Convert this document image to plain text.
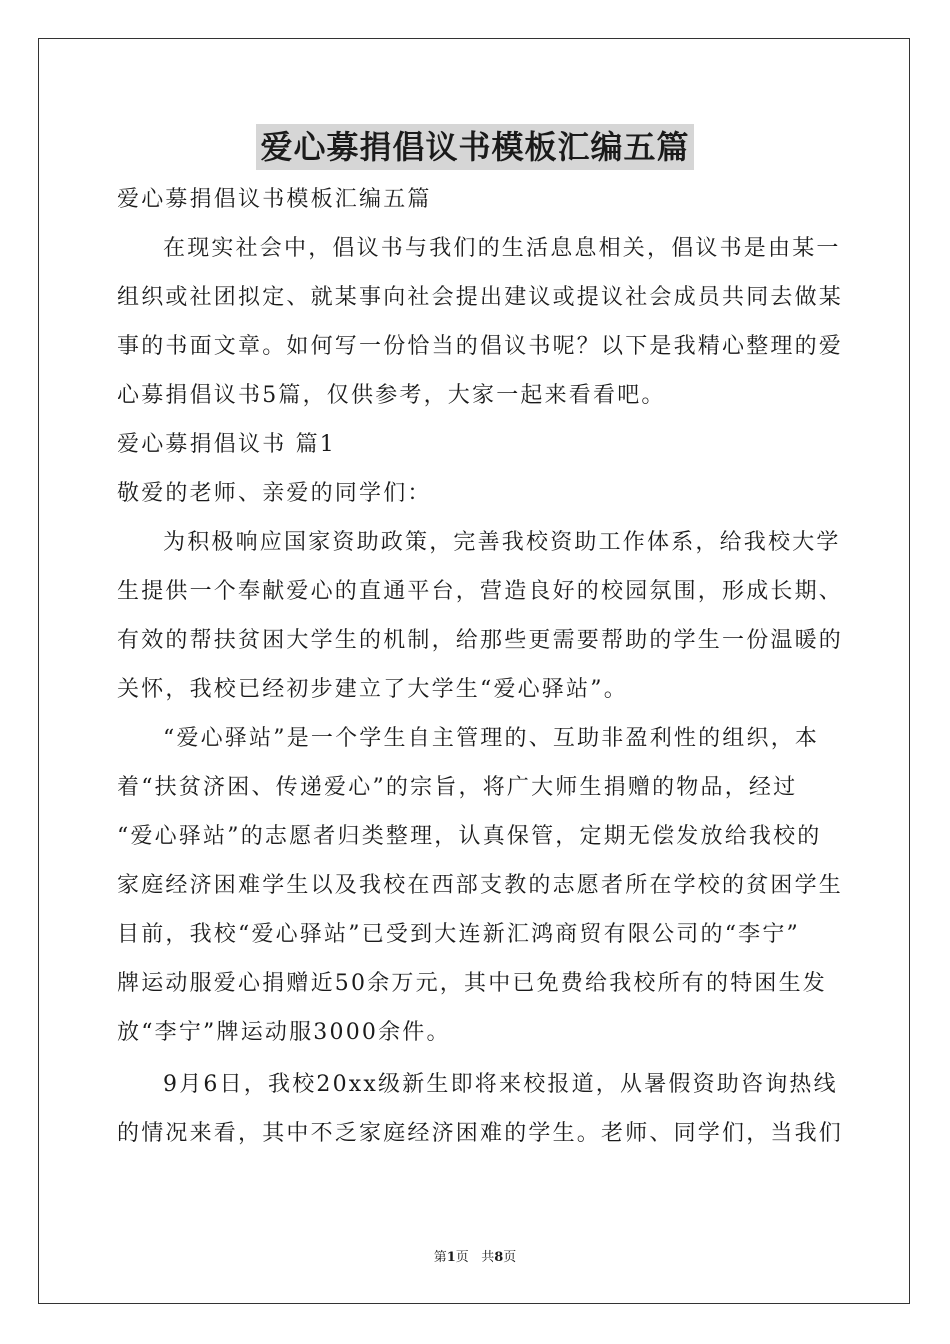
爱心募捐倡议书模板汇编五篇
爱心募捐倡议书模板汇编五篇
在现实社会中，倡议书与我们的生活息息相关，倡议书是由某一
组织或社团拟定、就某事向社会提出建议或提议社会成员共同去做某
事的书面文章。如何写一份恰当的倡议书呢？以下是我精心整理的爱
心募捐倡议书5篇，仅供参考，大家一起来看看吧。
爱心募捐倡议书 篇1
敬爱的老师、亲爱的同学们：
为积极响应国家资助政策，完善我校资助工作体系，给我校大学
生提供一个奉献爱心的直通平台，营造良好的校园氛围，形成长期、
有效的帮扶贫困大学生的机制，给那些更需要帮助的学生一份温暖的
关怀，我校已经初步建立了大学生“爱心驿站”。
“爱心驿站”是一个学生自主管理的、互助非盈利性的组织，本
着“扶贫济困、传递爱心”的宗旨，将广大师生捐赠的物品，经过
“爱心驿站”的志愿者归类整理，认真保管，定期无偿发放给我校的
家庭经济困难学生以及我校在西部支教的志愿者所在学校的贫困学生
目前，我校“爱心驿站”已受到大连新汇鸿商贸有限公司的“李宁”
牌运动服爱心捐赠近50余万元，其中已免费给我校所有的特困生发
放“李宁”牌运动服3000余件。
9月6日，我校20xx级新生即将来校报道，从暑假资助咨询热线
的情况来看，其中不乏家庭经济困难的学生。老师、同学们，当我们
第1页 共8页
